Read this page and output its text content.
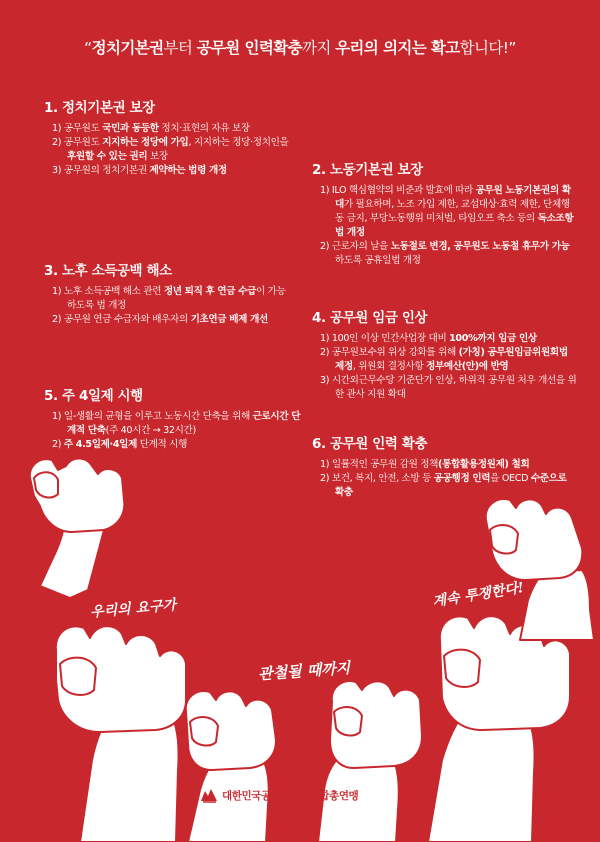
“정치기본권부터 공무원 인력확충까지 우리의 의지는 확고합니다!”
1. 정치기본권 보장
1) 공무원도 국민과 동등한 정치·표현의 자유 보장
2) 공무원도 지지하는 정당에 가입, 지지하는 정당·정치인을 후원할 수 있는 권리 보장
3) 공무원의 정치기본권 제약하는 법령 개정	2. 노동기본권 보장
1) ILO 핵심협약의 비준과 발효에 따라 공무원 노동기본권의 확대가 필요하며, 노조 가입 제한, 교섭대상·효력 제한, 단체행동 금지, 부당노동행위 미처벌, 타임오프 축소 등의 독소조항 법 개정
2) 근로자의 날을 노동절로 변경, 공무원도 노동절 휴무가 가능하도록 공휴일법 개정
3. 노후 소득공백 해소
1) 노후 소득공백 해소 관련 정년 퇴직 후 연금 수급이 가능하도록 법 개정
2) 공무원 연금 수급자와 배우자의 기초연금 배제 개선	4. 공무원 임금 인상
1) 100인 이상 민간사업장 대비 100%까지 임금 인상
2) 공무원보수위 위상 강화를 위해 (가칭) 공무원임금위원회법 제정, 위원회 결정사항 정부예산(안)에 반영
3) 시간외근무수당 기준단가 인상, 하위직 공무원 처우 개선을 위한 관사 지원 확대
5. 주 4일제 시행
1) 일-생활의 균형을 이루고 노동시간 단축을 위해 근로시간 단계적 단축(주 40시간 → 32시간)
2) 주 4.5일제·4일제 단계적 시행	6. 공무원 인력 확충
1) 일률적인 공무원 감원 정책(통합활용정원제) 철회
2) 보건, 복지, 안전, 소방 등 공공행정 인력을 OECD 수준으로 확충
우리의 요구가
관철될 때까지
계속 투쟁한다!
대한민국공무원노동조합총연맹
